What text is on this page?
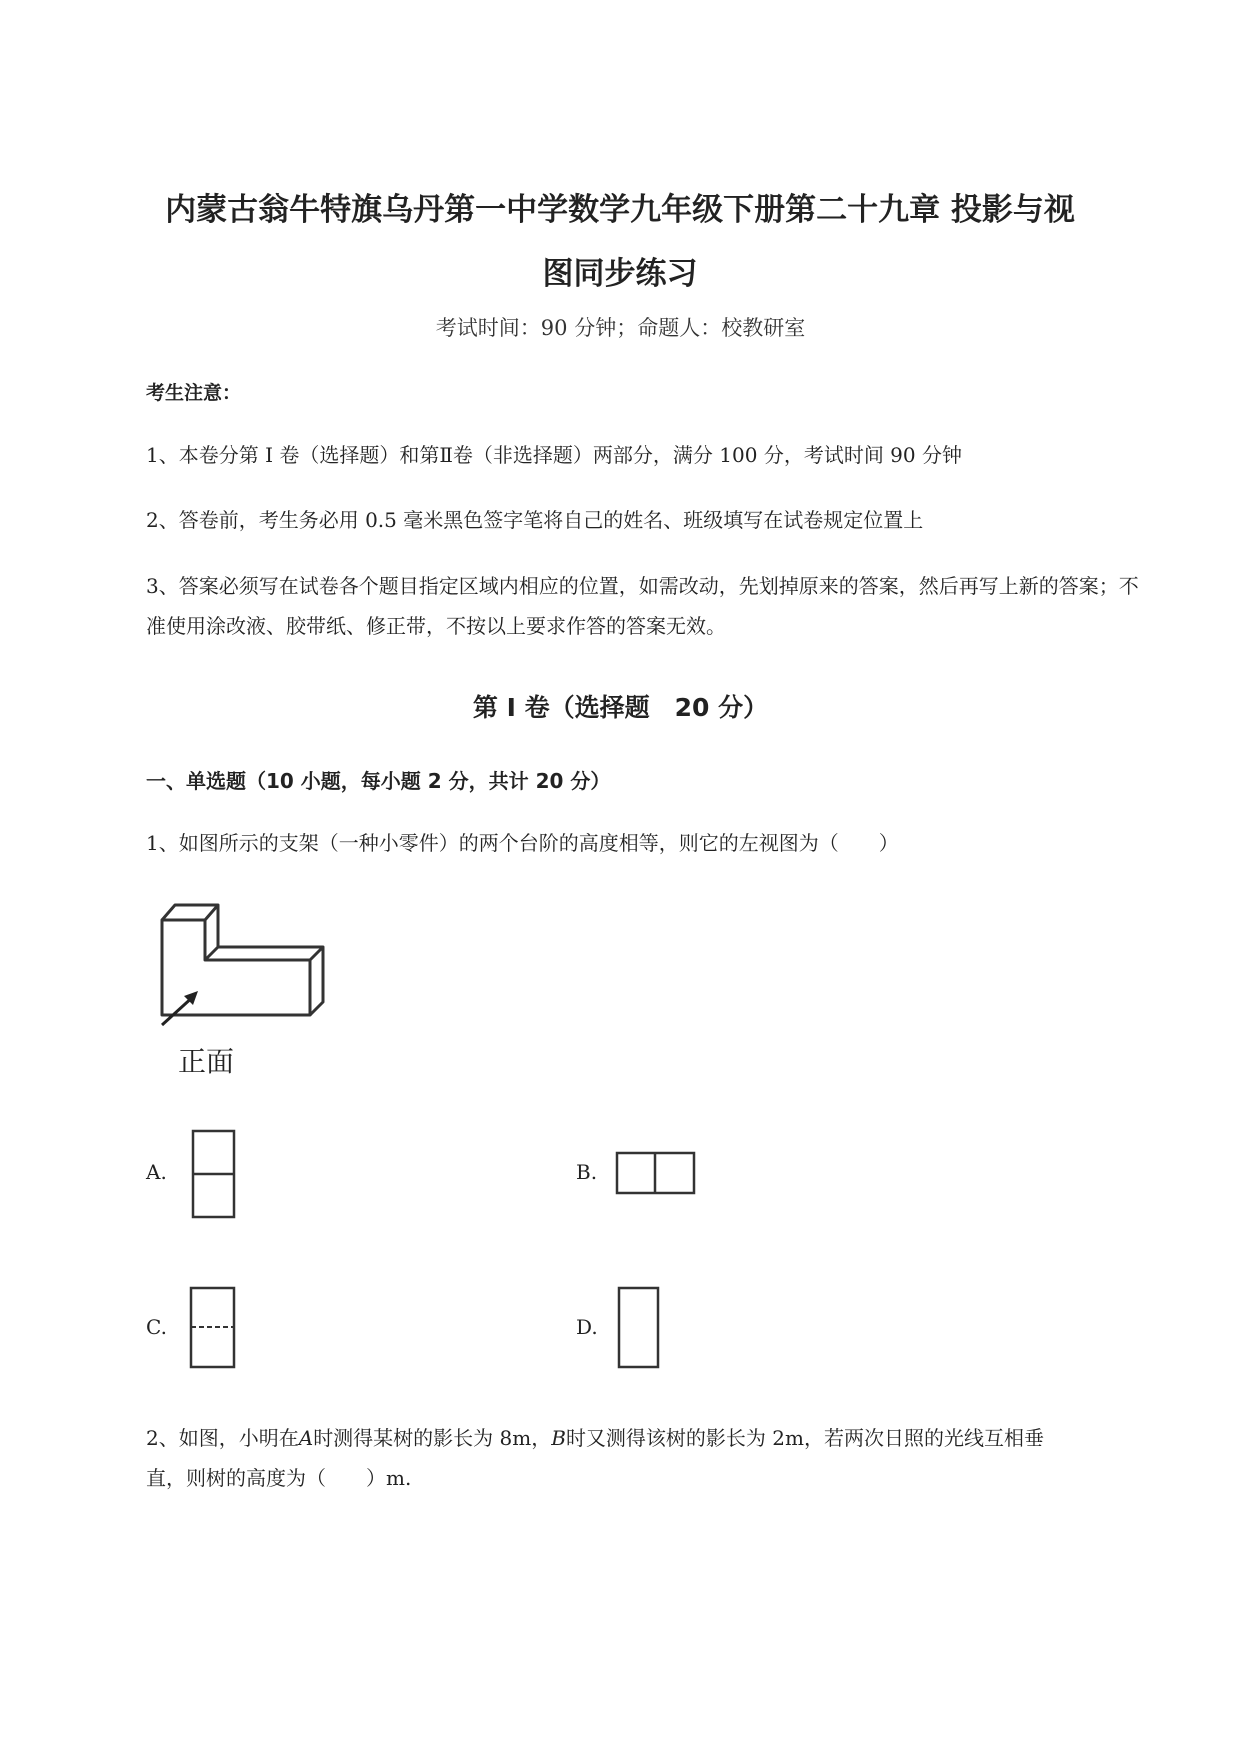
内蒙古翁牛特旗乌丹第一中学数学九年级下册第二十九章 投影与视
图同步练习
考试时间：90 分钟；命题人：校教研室
考生注意：
1、本卷分第 I 卷（选择题）和第Ⅱ卷（非选择题）两部分，满分 100 分，考试时间 90 分钟
2、答卷前，考生务必用 0.5 毫米黑色签字笔将自己的姓名、班级填写在试卷规定位置上
3、答案必须写在试卷各个题目指定区域内相应的位置，如需改动，先划掉原来的答案，然后再写上新的答案；不准使用涂改液、胶带纸、修正带，不按以上要求作答的答案无效。
第 I 卷（选择题　20 分）
一、单选题（10 小题，每小题 2 分，共计 20 分）
1、如图所示的支架（一种小零件）的两个台阶的高度相等，则它的左视图为（　　）
正面
A.	B.
C.	D.
2、如图，小明在A时测得某树的影长为 8m，B时又测得该树的影长为 2m，若两次日照的光线互相垂
直，则树的高度为（　　）m.
